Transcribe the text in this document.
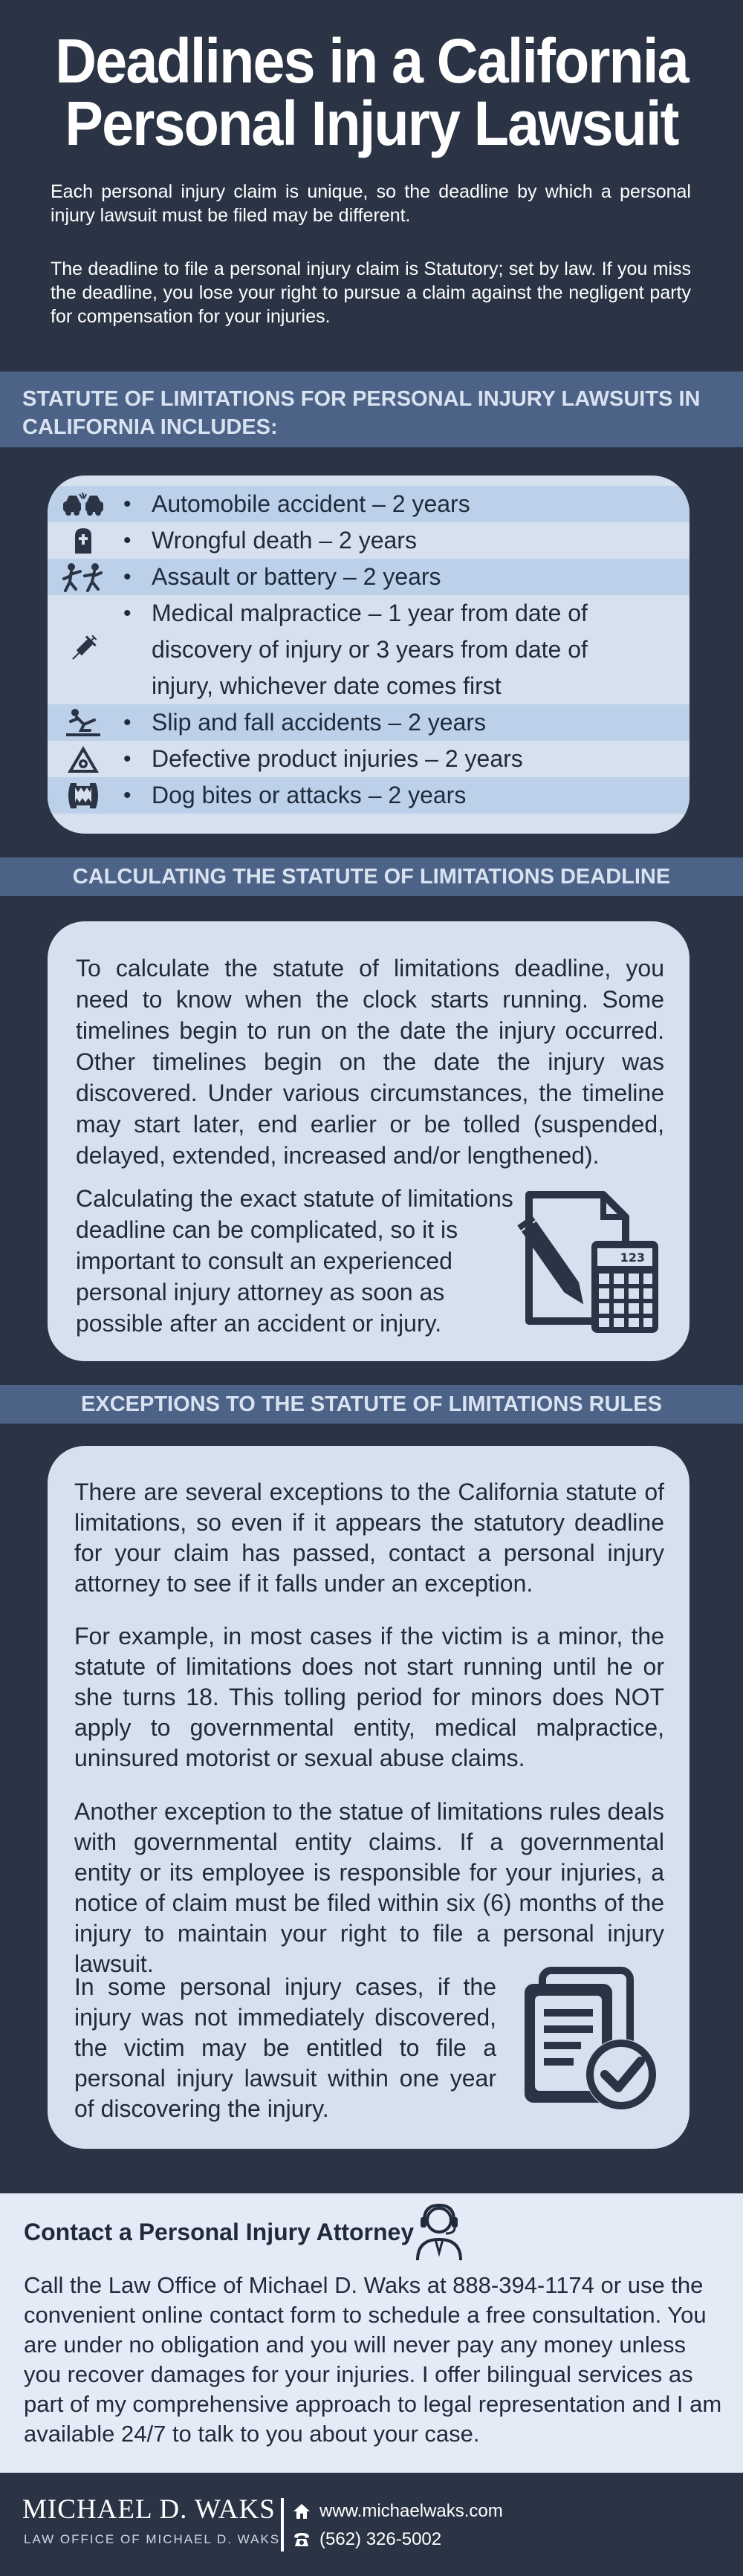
Deadlines in a California
Personal Injury Lawsuit

Each personal injury claim is unique, so the deadline by which a personal injury lawsuit must be filed may be different.

The deadline to file a personal injury claim is Statutory; set by law. If you miss the deadline, you lose your right to pursue a claim against the negligent party for compensation for your injuries.

STATUTE OF LIMITATIONS FOR PERSONAL INJURY LAWSUITS IN CALIFORNIA INCLUDES:
• Automobile accident – 2 years
• Wrongful death – 2 years
• Assault or battery – 2 years
• Medical malpractice – 1 year from date of
discovery of injury or 3 years from date of
injury, whichever date comes first
• Slip and fall accidents – 2 years
• Defective product injuries – 2 years
• Dog bites or attacks – 2 years
CALCULATING THE STATUTE OF LIMITATIONS DEADLINE

To calculate the statute of limitations deadline, you need to know when the clock starts running. Some timelines begin to run on the date the injury occurred. Other timelines begin on the date the injury was discovered. Under various circumstances, the timeline may start later, end earlier or be tolled (suspended, delayed, extended, increased and/or lengthened).

Calculating the exact statute of limitations deadline can be complicated, so it is important to consult an experienced personal injury attorney as soon as possible after an accident or injury.

123
EXCEPTIONS TO THE STATUTE OF LIMITATIONS RULES

There are several exceptions to the California statute of limitations, so even if it appears the statutory deadline for your claim has passed, contact a personal injury attorney to see if it falls under an exception.

For example, in most cases if the victim is a minor, the statute of limitations does not start running until he or she turns 18. This tolling period for minors does NOT apply to governmental entity, medical malpractice, uninsured motorist or sexual abuse claims.

Another exception to the statue of limitations rules deals with governmental entity claims. If a governmental entity or its employee is responsible for your injuries, a notice of claim must be filed within six (6) months of the injury to maintain your right to file a personal injury lawsuit.

In some personal injury cases, if the injury was not immediately discovered, the victim may be entitled to file a personal injury lawsuit within one year of discovering the injury.

Contact a Personal Injury Attorney

Call the Law Office of Michael D. Waks at 888-394-1174 or use the convenient online contact form to schedule a free consultation. You are under no obligation and you will never pay any money unless you recover damages for your injuries. I offer bilingual services as part of my comprehensive approach to legal representation and I am available 24/7 to talk to you about your case.

MICHAEL D. WAKS
LAW OFFICE OF MICHAEL D. WAKS
www.michaelwaks.com
(562) 326-5002
